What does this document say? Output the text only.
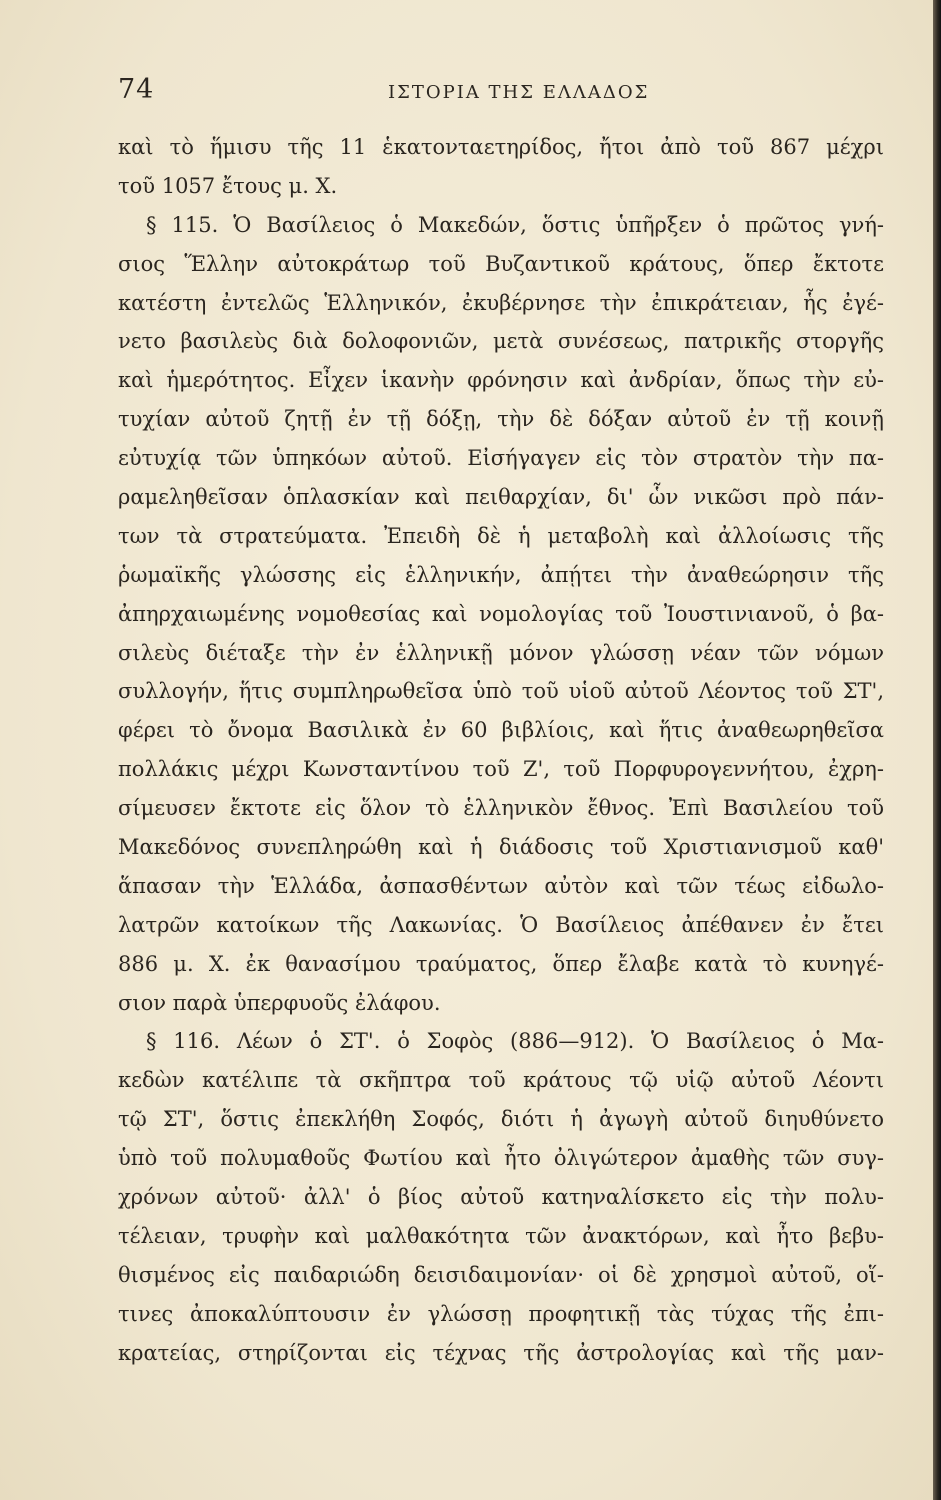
74	ΙΣΤΟΡΙΑ ΤΗΣ ΕΛΛΑΔΟΣ
καὶ τὸ ἥμισυ τῆς 11 ἑκατονταετηρίδος, ἤτοι ἀπὸ τοῦ 867 μέχρι
τοῦ 1057 ἔτους μ. Χ.
§ 115. Ὁ Βασίλειος ὁ Μακεδών, ὅστις ὑπῆρξεν ὁ πρῶτος γνή-
σιος Ἕλλην αὐτοκράτωρ τοῦ Βυζαντικοῦ κράτους, ὅπερ ἔκτοτε
κατέστη ἐντελῶς Ἑλληνικόν, ἐκυβέρνησε τὴν ἐπικράτειαν, ἧς ἐγέ-
νετο βασιλεὺς διὰ δολοφονιῶν, μετὰ συνέσεως, πατρικῆς στοργῆς
καὶ ἡμερότητος. Εἶχεν ἱκανὴν φρόνησιν καὶ ἀνδρίαν, ὅπως τὴν εὐ-
τυχίαν αὐτοῦ ζητῇ ἐν τῇ δόξῃ, τὴν δὲ δόξαν αὐτοῦ ἐν τῇ κοινῇ
εὐτυχίᾳ τῶν ὑπηκόων αὐτοῦ. Εἰσήγαγεν εἰς τὸν στρατὸν τὴν πα-
ραμεληθεῖσαν ὁπλασκίαν καὶ πειθαρχίαν, δι' ὧν νικῶσι πρὸ πάν-
των τὰ στρατεύματα. Ἐπειδὴ δὲ ἡ μεταβολὴ καὶ ἀλλοίωσις τῆς
ῥωμαϊκῆς γλώσσης εἰς ἑλληνικήν, ἀπῄτει τὴν ἀναθεώρησιν τῆς
ἀπηρχαιωμένης νομοθεσίας καὶ νομολογίας τοῦ Ἰουστινιανοῦ, ὁ βα-
σιλεὺς διέταξε τὴν ἐν ἑλληνικῇ μόνον γλώσσῃ νέαν τῶν νόμων
συλλογήν, ἥτις συμπληρωθεῖσα ὑπὸ τοῦ υἱοῦ αὐτοῦ Λέοντος τοῦ ΣΤ',
φέρει τὸ ὄνομα Βασιλικὰ ἐν 60 βιβλίοις, καὶ ἥτις ἀναθεωρηθεῖσα
πολλάκις μέχρι Κωνσταντίνου τοῦ Ζ', τοῦ Πορφυρογεννήτου, ἐχρη-
σίμευσεν ἔκτοτε εἰς ὅλον τὸ ἑλληνικὸν ἔθνος. Ἐπὶ Βασιλείου τοῦ
Μακεδόνος συνεπληρώθη καὶ ἡ διάδοσις τοῦ Χριστιανισμοῦ καθ'
ἅπασαν τὴν Ἑλλάδα, ἀσπασθέντων αὐτὸν καὶ τῶν τέως εἰδωλο-
λατρῶν κατοίκων τῆς Λακωνίας. Ὁ Βασίλειος ἀπέθανεν ἐν ἔτει
886 μ. Χ. ἐκ θανασίμου τραύματος, ὅπερ ἔλαβε κατὰ τὸ κυνηγέ-
σιον παρὰ ὑπερφυοῦς ἐλάφου.
§ 116. Λέων ὁ ΣΤ'. ὁ Σοφὸς (886—912). Ὁ Βασίλειος ὁ Μα-
κεδὼν κατέλιπε τὰ σκῆπτρα τοῦ κράτους τῷ υἱῷ αὐτοῦ Λέοντι
τῷ ΣΤ', ὅστις ἐπεκλήθη Σοφός, διότι ἡ ἀγωγὴ αὐτοῦ διηυθύνετο
ὑπὸ τοῦ πολυμαθοῦς Φωτίου καὶ ἦτο ὀλιγώτερον ἀμαθὴς τῶν συγ-
χρόνων αὐτοῦ· ἀλλ' ὁ βίος αὐτοῦ κατηναλίσκετο εἰς τὴν πολυ-
τέλειαν, τρυφὴν καὶ μαλθακότητα τῶν ἀνακτόρων, καὶ ἦτο βεβυ-
θισμένος εἰς παιδαριώδη δεισιδαιμονίαν· οἱ δὲ χρησμοὶ αὐτοῦ, οἵ-
τινες ἀποκαλύπτουσιν ἐν γλώσσῃ προφητικῇ τὰς τύχας τῆς ἐπι-
κρατείας, στηρίζονται εἰς τέχνας τῆς ἀστρολογίας καὶ τῆς μαν-
